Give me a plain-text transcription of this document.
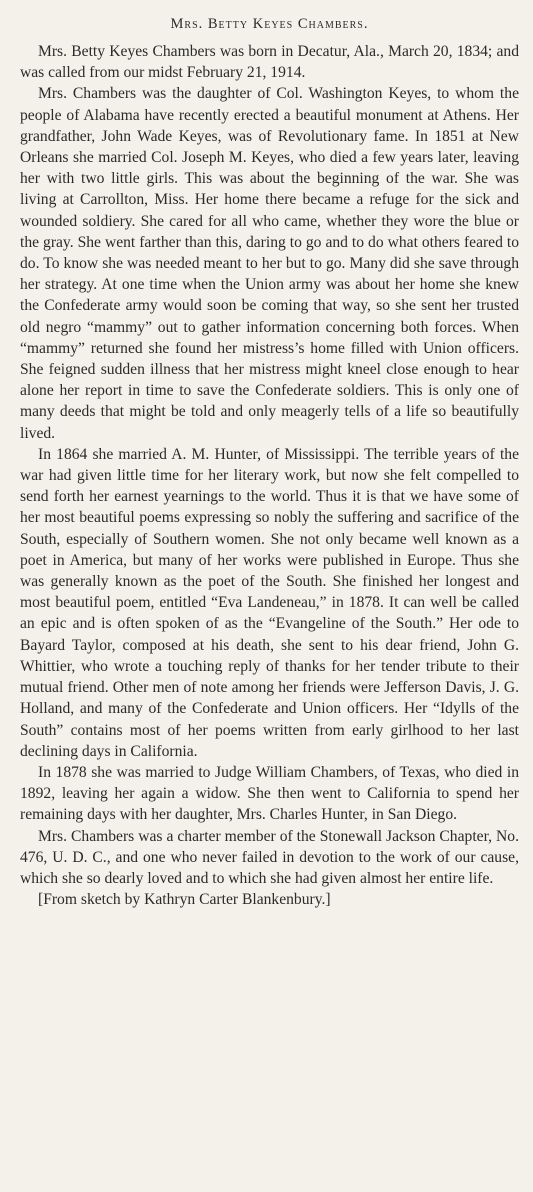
Mrs. Betty Keyes Chambers.

Mrs. Betty Keyes Chambers was born in Decatur, Ala., March 20, 1834; and was called from our midst February 21, 1914.

Mrs. Chambers was the daughter of Col. Washington Keyes, to whom the people of Alabama have recently erected a beautiful monument at Athens. Her grandfather, John Wade Keyes, was of Revolutionary fame. In 1851 at New Orleans she married Col. Joseph M. Keyes, who died a few years later, leaving her with two little girls. This was about the beginning of the war. She was living at Carrollton, Miss. Her home there became a refuge for the sick and wounded soldiery. She cared for all who came, whether they wore the blue or the gray. She went farther than this, daring to go and to do what others feared to do. To know she was needed meant to her but to go. Many did she save through her strategy. At one time when the Union army was about her home she knew the Confederate army would soon be coming that way, so she sent her trusted old negro “mammy” out to gather information concerning both forces. When “mammy” returned she found her mistress’s home filled with Union officers. She feigned sudden illness that her mistress might kneel close enough to hear alone her report in time to save the Confederate soldiers. This is only one of many deeds that might be told and only meagerly tells of a life so beautifully lived.

In 1864 she married A. M. Hunter, of Mississippi. The terrible years of the war had given little time for her literary work, but now she felt compelled to send forth her earnest yearnings to the world. Thus it is that we have some of her most beautiful poems expressing so nobly the suffering and sacrifice of the South, especially of Southern women. She not only became well known as a poet in America, but many of her works were published in Europe. Thus she was generally known as the poet of the South. She finished her longest and most beautiful poem, entitled “Eva Landeneau,” in 1878. It can well be called an epic and is often spoken of as the “Evangeline of the South.” Her ode to Bayard Taylor, composed at his death, she sent to his dear friend, John G. Whittier, who wrote a touching reply of thanks for her tender tribute to their mutual friend. Other men of note among her friends were Jefferson Davis, J. G. Holland, and many of the Confederate and Union officers. Her “Idylls of the South” contains most of her poems written from early girlhood to her last declining days in California.

In 1878 she was married to Judge William Chambers, of Texas, who died in 1892, leaving her again a widow. She then went to California to spend her remaining days with her daughter, Mrs. Charles Hunter, in San Diego.

Mrs. Chambers was a charter member of the Stonewall Jackson Chapter, No. 476, U. D. C., and one who never failed in devotion to the work of our cause, which she so dearly loved and to which she had given almost her entire life.

[From sketch by Kathryn Carter Blankenbury.]
